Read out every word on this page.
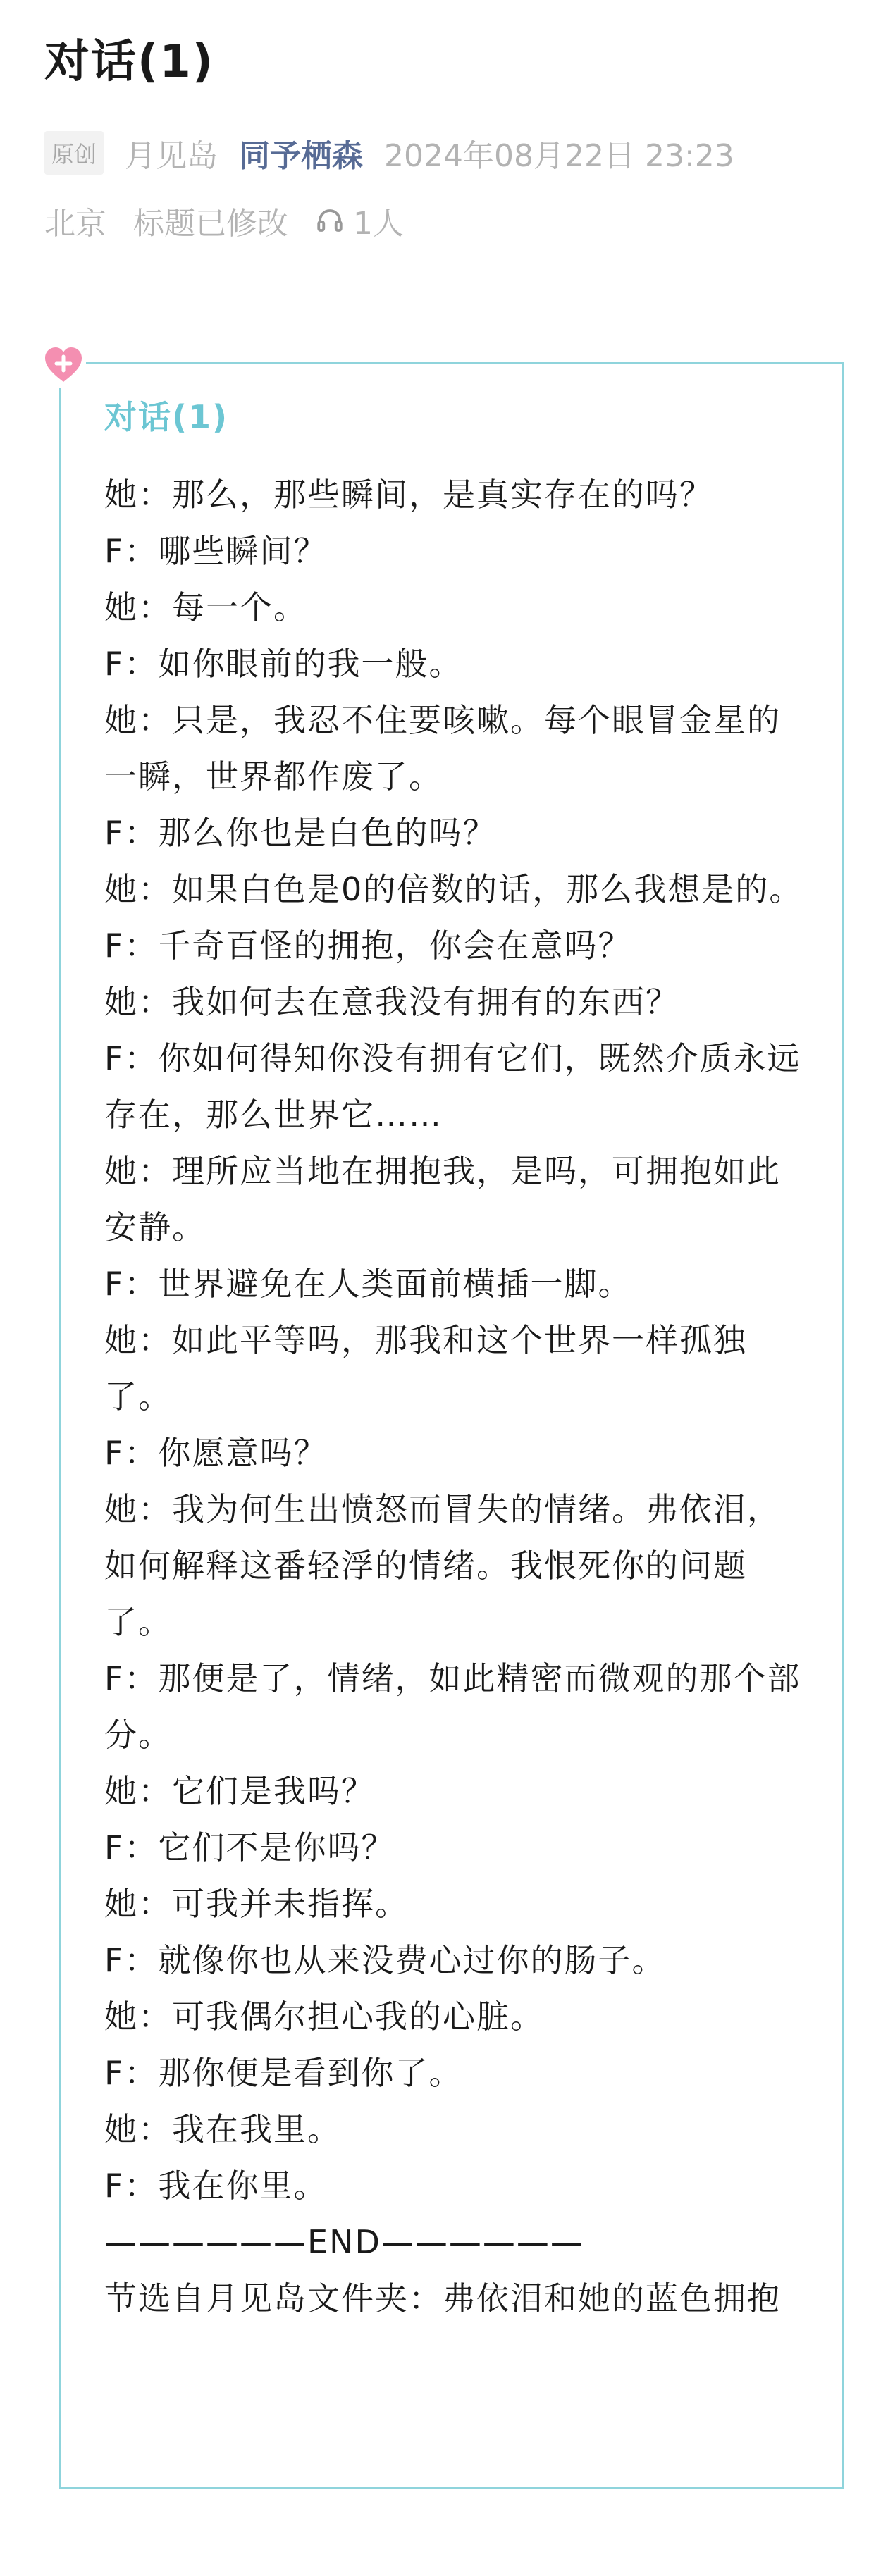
对话(1)
原创 月见岛 同予栖森 2024年08月22日 23:23
北京 标题已修改 1人
对话(1)

她：那么，那些瞬间，是真实存在的吗？

F：哪些瞬间？

她：每一个。

F：如你眼前的我一般。

她：只是，我忍不住要咳嗽。每个眼冒金星的一瞬，世界都作废了。

F：那么你也是白色的吗？

她：如果白色是0的倍数的话，那么我想是的。

F：千奇百怪的拥抱，你会在意吗？

她：我如何去在意我没有拥有的东西？

F：你如何得知你没有拥有它们，既然介质永远存在，那么世界它……

她：理所应当地在拥抱我，是吗，可拥抱如此安静。

F：世界避免在人类面前横插一脚。

她：如此平等吗，那我和这个世界一样孤独了。

F：你愿意吗？

她：我为何生出愤怒而冒失的情绪。弗依泪，如何解释这番轻浮的情绪。我恨死你的问题了。

F：那便是了，情绪，如此精密而微观的那个部分。

她：它们是我吗？

F：它们不是你吗？

她：可我并未指挥。

F：就像你也从来没费心过你的肠子。

她：可我偶尔担心我的心脏。

F：那你便是看到你了。

她：我在我里。

F：我在你里。

——————END——————

节选自月见岛文件夹：弗依泪和她的蓝色拥抱
